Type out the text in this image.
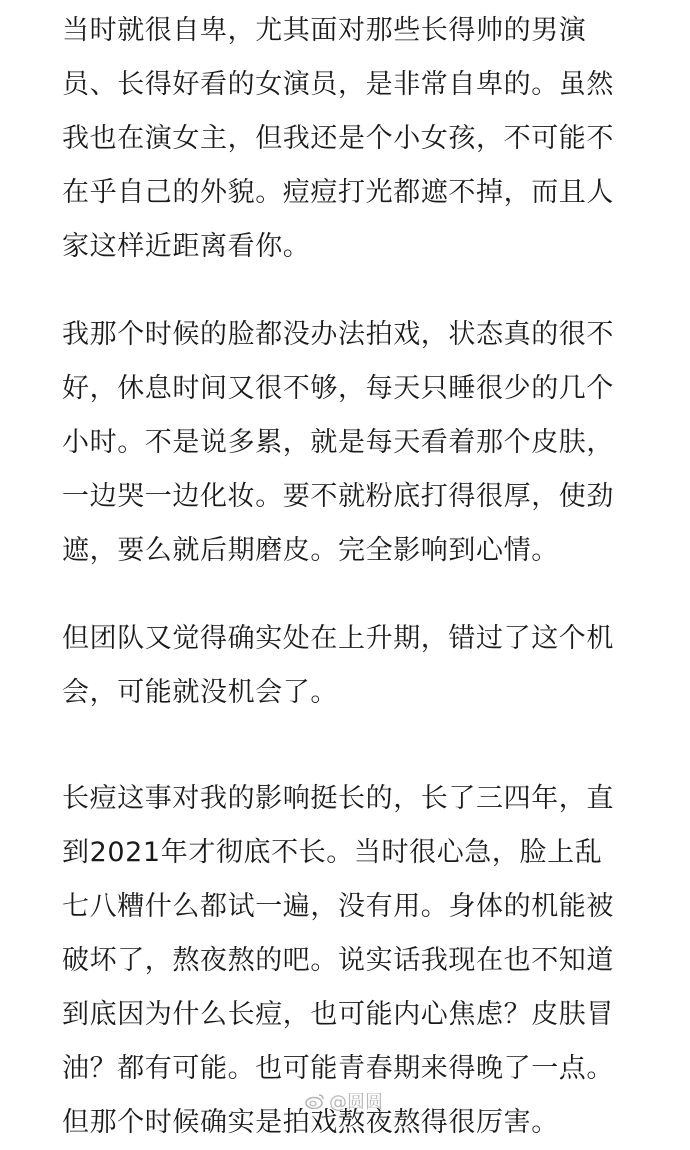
当时就很自卑，尤其面对那些长得帅的男演
员、长得好看的女演员，是非常自卑的。虽然
我也在演女主，但我还是个小女孩，不可能不
在乎自己的外貌。痘痘打光都遮不掉，而且人
家这样近距离看你。
我那个时候的脸都没办法拍戏，状态真的很不
好，休息时间又很不够，每天只睡很少的几个
小时。不是说多累，就是每天看着那个皮肤，
一边哭一边化妆。要不就粉底打得很厚，使劲
遮，要么就后期磨皮。完全影响到心情。
但团队又觉得确实处在上升期，错过了这个机
会，可能就没机会了。
长痘这事对我的影响挺长的，长了三四年，直
到2021年才彻底不长。当时很心急，脸上乱
七八糟什么都试一遍，没有用。身体的机能被
破坏了，熬夜熬的吧。说实话我现在也不知道
到底因为什么长痘，也可能内心焦虑？皮肤冒
油？都有可能。也可能青春期来得晚了一点。
但那个时候确实是拍戏熬夜熬得很厉害。
@圆圆
